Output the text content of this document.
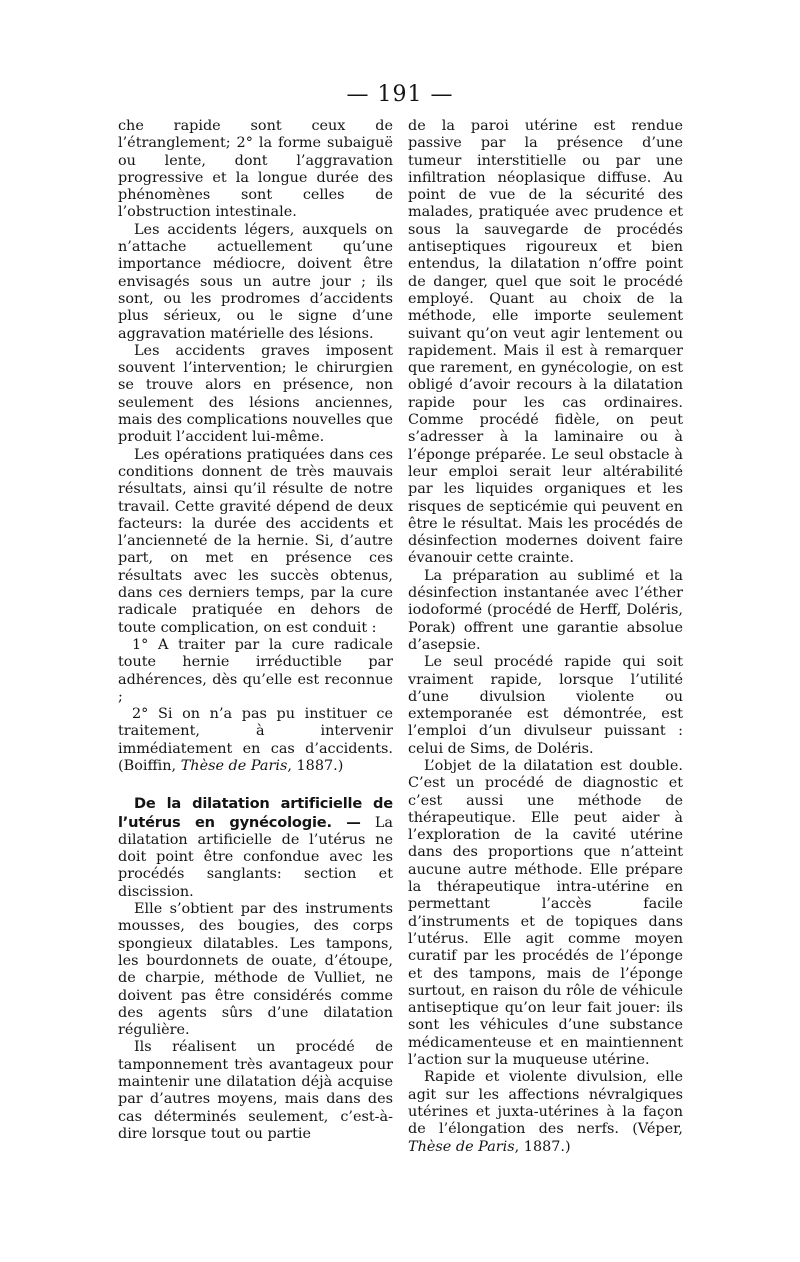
— 191 —

che rapide sont ceux de l’étranglement; 2° la forme subaiguë ou lente, dont l’aggravation progressive et la longue durée des phénomènes sont celles de l’obstruction intestinale.

Les accidents légers, auxquels on n’attache actuellement qu’une importance médiocre, doivent être envisagés sous un autre jour ; ils sont, ou les prodromes d’accidents plus sérieux, ou le signe d’une aggravation matérielle des lésions.

Les accidents graves imposent souvent l’intervention; le chirurgien se trouve alors en présence, non seulement des lésions anciennes, mais des complications nouvelles que produit l’accident lui-même.

Les opérations pratiquées dans ces conditions donnent de très mauvais résultats, ainsi qu’il résulte de notre travail. Cette gravité dépend de deux facteurs: la durée des accidents et l’ancienneté de la hernie. Si, d’autre part, on met en présence ces résultats avec les succès obtenus, dans ces derniers temps, par la cure radicale pratiquée en dehors de toute complication, on est conduit :

1° A traiter par la cure radicale toute hernie irréductible par adhérences, dès qu’elle est reconnue ;

2° Si on n’a pas pu instituer ce traitement, à intervenir immédiatement en cas d’accidents. (Boiffin, Thèse de Paris, 1887.)

De la dilatation artificielle de l’utérus en gynécologie. — La dilatation artificielle de l’utérus ne doit point être confondue avec les procédés sanglants: section et discission.

Elle s’obtient par des instruments mousses, des bougies, des corps spongieux dilatables. Les tampons, les bourdonnets de ouate, d’étoupe, de charpie, méthode de Vulliet, ne doivent pas être considérés comme des agents sûrs d’une dilatation régulière.

Ils réalisent un procédé de tamponnement très avantageux pour maintenir une dilatation déjà acquise par d’autres moyens, mais dans des cas déterminés seulement, c’est-à-dire lorsque tout ou partie

de la paroi utérine est rendue passive par la présence d’une tumeur interstitielle ou par une infiltration néoplasique diffuse. Au point de vue de la sécurité des malades, pratiquée avec prudence et sous la sauvegarde de procédés antiseptiques rigoureux et bien entendus, la dilatation n’offre point de danger, quel que soit le procédé employé. Quant au choix de la méthode, elle importe seulement suivant qu’on veut agir lentement ou rapidement. Mais il est à remarquer que rarement, en gynécologie, on est obligé d’avoir recours à la dilatation rapide pour les cas ordinaires. Comme procédé fidèle, on peut s’adresser à la laminaire ou à l’éponge préparée. Le seul obstacle à leur emploi serait leur altérabilité par les liquides organiques et les risques de septicémie qui peuvent en être le résultat. Mais les procédés de désinfection modernes doivent faire évanouir cette crainte.

La préparation au sublimé et la désinfection instantanée avec l’éther iodoformé (procédé de Herff, Doléris, Porak) offrent une garantie absolue d’asepsie.

Le seul procédé rapide qui soit vraiment rapide, lorsque l’utilité d’une divulsion violente ou extemporanée est démontrée, est l’emploi d’un divulseur puissant : celui de Sims, de Doléris.

L’objet de la dilatation est double. C’est un procédé de diagnostic et c’est aussi une méthode de thérapeutique. Elle peut aider à l’exploration de la cavité utérine dans des proportions que n’atteint aucune autre méthode. Elle prépare la thérapeutique intra-utérine en permettant l’accès facile d’instruments et de topiques dans l’utérus. Elle agit comme moyen curatif par les procédés de l’éponge et des tampons, mais de l’éponge surtout, en raison du rôle de véhicule antiseptique qu’on leur fait jouer: ils sont les véhicules d’une substance médicamenteuse et en maintiennent l’action sur la muqueuse utérine.

Rapide et violente divulsion, elle agit sur les affections névralgiques utérines et juxta-utérines à la façon de l’élongation des nerfs. (Véper, Thèse de Paris, 1887.)
